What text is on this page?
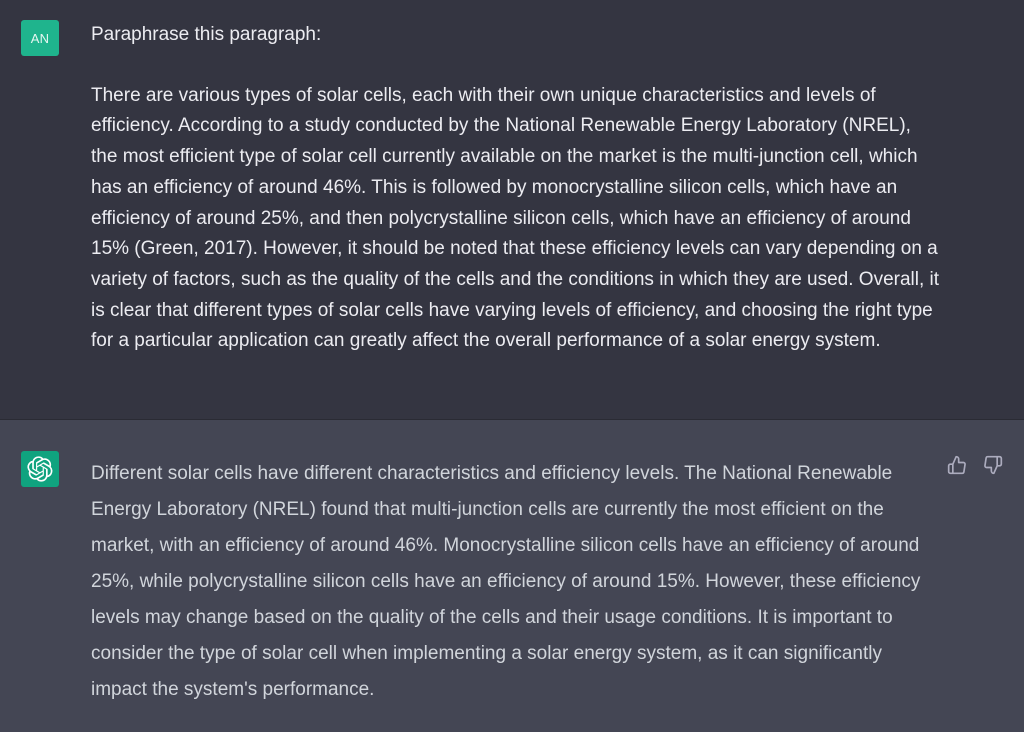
AN Paraphrase this paragraph:
There are various types of solar cells, each with their own unique characteristics and levels of efficiency. According to a study conducted by the National Renewable Energy Laboratory (NREL), the most efficient type of solar cell currently available on the market is the multi-junction cell, which has an efficiency of around 46%. This is followed by monocrystalline silicon cells, which have an efficiency of around 25%, and then polycrystalline silicon cells, which have an efficiency of around 15% (Green, 2017). However, it should be noted that these efficiency levels can vary depending on a variety of factors, such as the quality of the cells and the conditions in which they are used. Overall, it is clear that different types of solar cells have varying levels of efficiency, and choosing the right type for a particular application can greatly affect the overall performance of a solar energy system.
Different solar cells have different characteristics and efficiency levels. The National Renewable Energy Laboratory (NREL) found that multi-junction cells are currently the most efficient on the market, with an efficiency of around 46%. Monocrystalline silicon cells have an efficiency of around 25%, while polycrystalline silicon cells have an efficiency of around 15%. However, these efficiency levels may change based on the quality of the cells and their usage conditions. It is important to consider the type of solar cell when implementing a solar energy system, as it can significantly impact the system's performance.
